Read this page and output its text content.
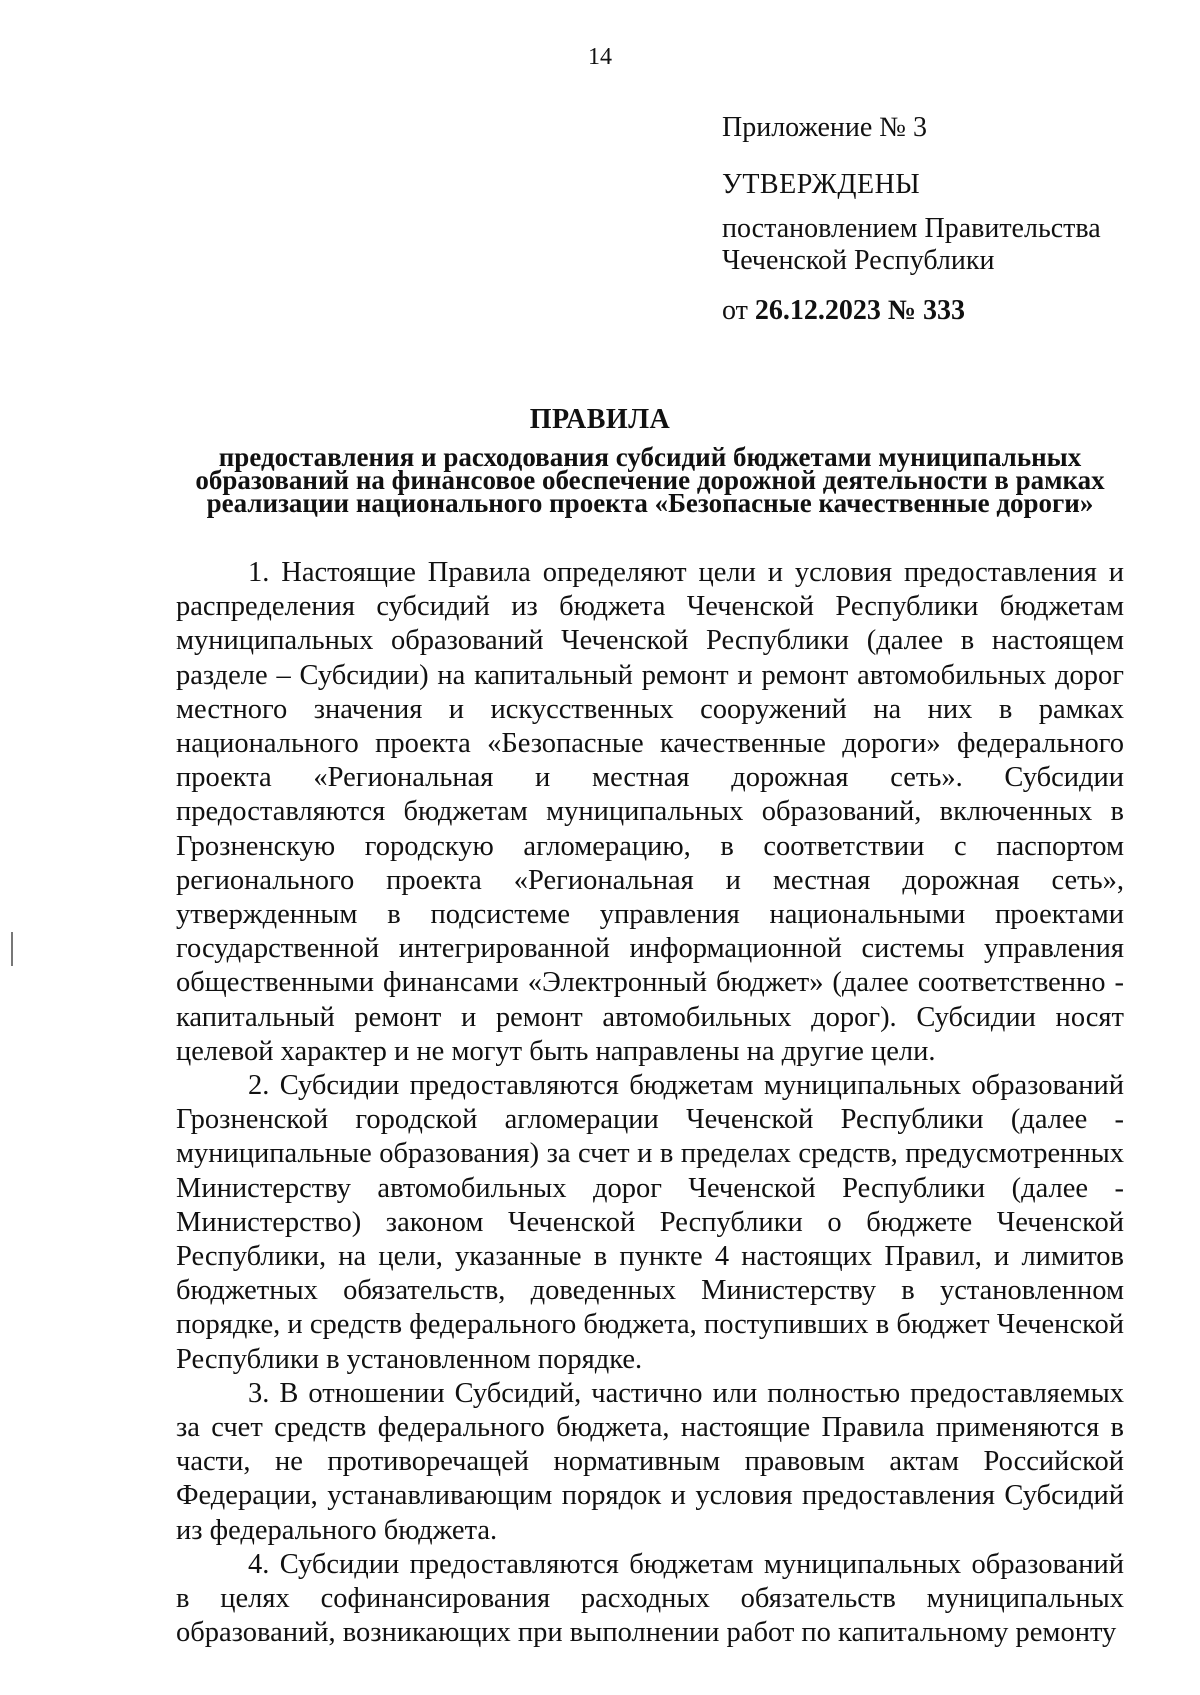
14
Приложение № 3
УТВЕРЖДЕНЫ
постановлением Правительства
Чеченской Республики
от 26.12.2023 № 333
ПРАВИЛА
предоставления и расходования субсидий бюджетами муниципальных образований на финансовое обеспечение дорожной деятельности в рамках реализации национального проекта «Безопасные качественные дороги»

1. Настоящие Правила определяют цели и условия предоставления и распределения субсидий из бюджета Чеченской Республики бюджетам муниципальных образований Чеченской Республики (далее в настоящем разделе – Субсидии) на капитальный ремонт и ремонт автомобильных дорог местного значения и искусственных сооружений на них в рамках национального проекта «Безопасные качественные дороги» федерального проекта «Региональная и местная дорожная сеть». Субсидии предоставляются бюджетам муниципальных образований, включенных в Грозненскую городскую агломерацию, в соответствии с паспортом регионального проекта «Региональная и местная дорожная сеть», утвержденным в подсистеме управления национальными проектами государственной интегрированной информационной системы управления общественными финансами «Электронный бюджет» (далее соответственно - капитальный ремонт и ремонт автомобильных дорог). Субсидии носят целевой характер и не могут быть направлены на другие цели.

2. Субсидии предоставляются бюджетам муниципальных образований Грозненской городской агломерации Чеченской Республики (далее - муниципальные образования) за счет и в пределах средств, предусмотренных Министерству автомобильных дорог Чеченской Республики (далее - Министерство) законом Чеченской Республики о бюджете Чеченской Республики, на цели, указанные в пункте 4 настоящих Правил, и лимитов бюджетных обязательств, доведенных Министерству в установленном порядке, и средств федерального бюджета, поступивших в бюджет Чеченской Республики в установленном порядке.

3. В отношении Субсидий, частично или полностью предоставляемых за счет средств федерального бюджета, настоящие Правила применяются в части, не противоречащей нормативным правовым актам Российской Федерации, устанавливающим порядок и условия предоставления Субсидий из федерального бюджета.

4. Субсидии предоставляются бюджетам муниципальных образований в целях софинансирования расходных обязательств муниципальных образований, возникающих при выполнении работ по капитальному ремонту
